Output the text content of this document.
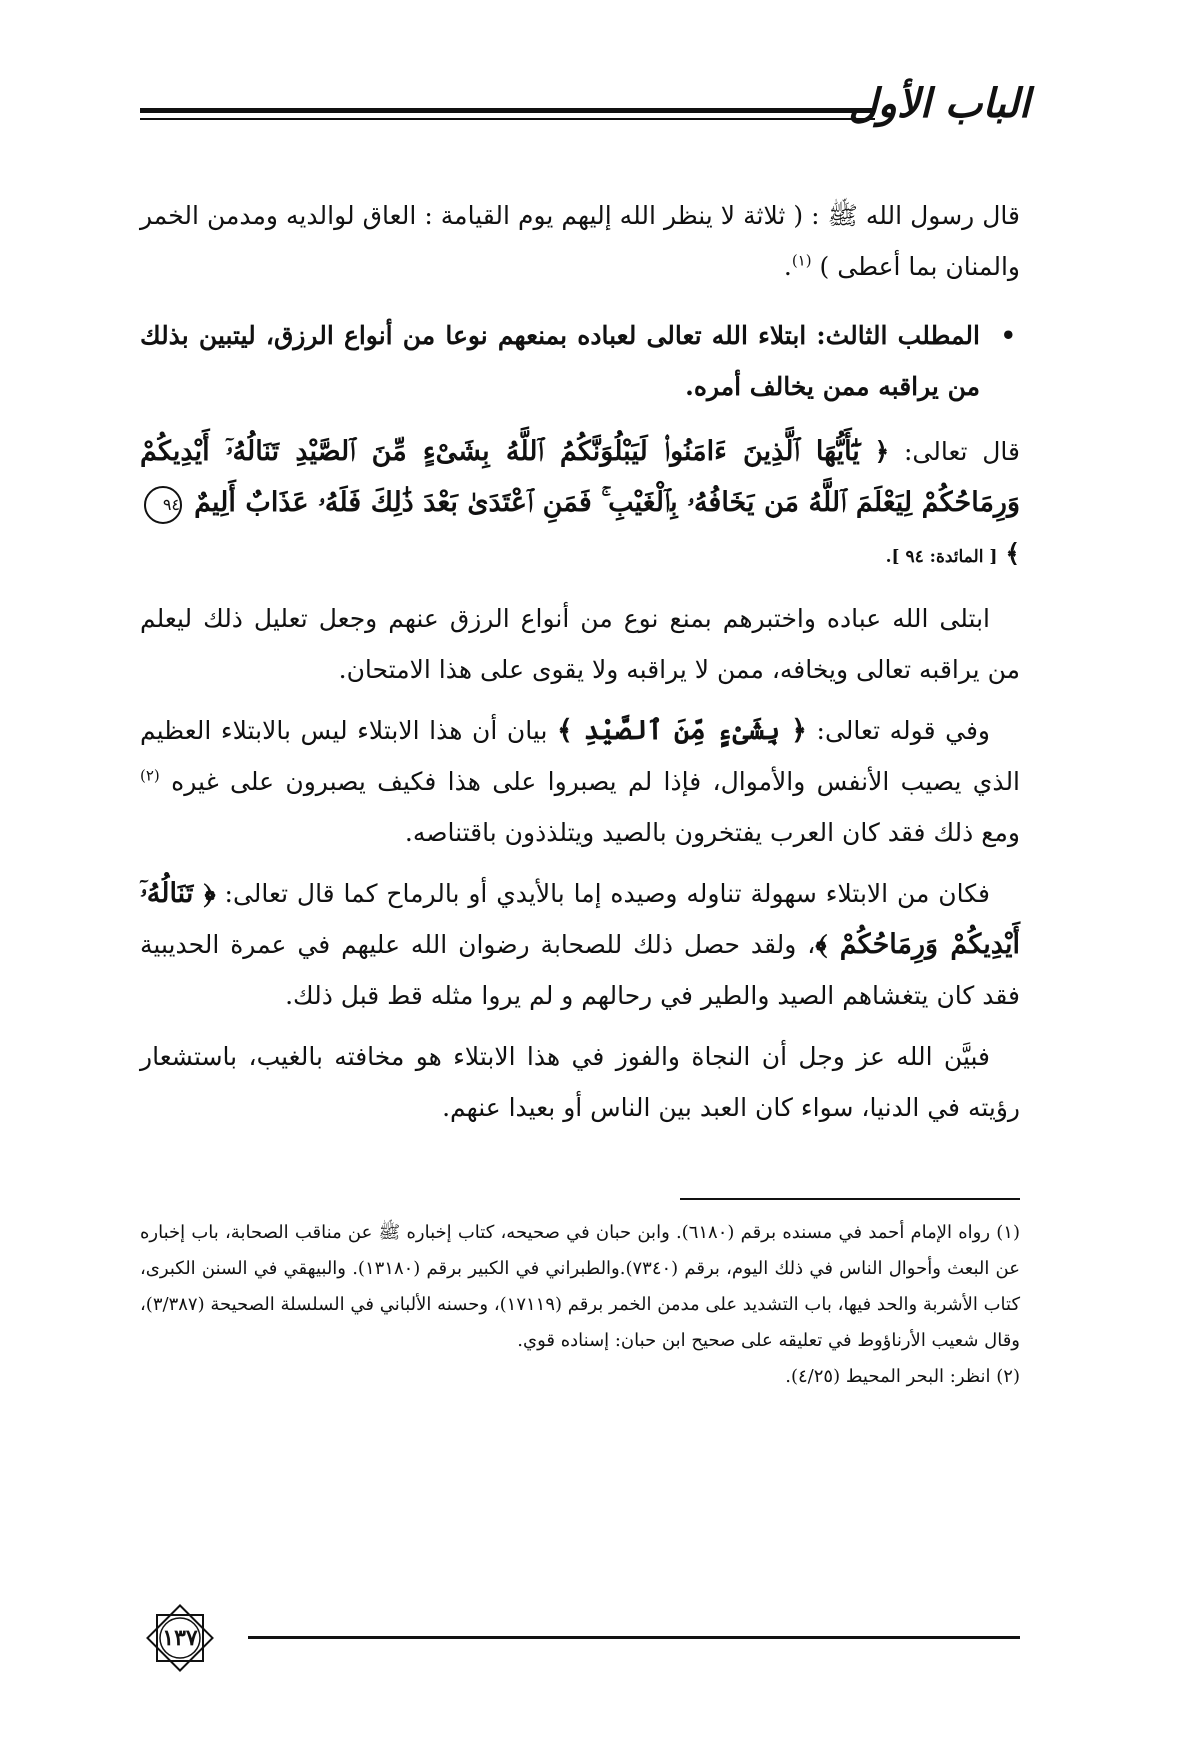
الباب الأول

قال رسول الله ﷺ : ( ثلاثة لا ينظر الله إليهم يوم القيامة : العاق لوالديه ومدمن الخمر والمنان بما أعطى ) $^{(١)}$.

•
المطلب الثالث: ابتلاء الله تعالى لعباده بمنعهم نوعا من أنواع الرزق، ليتبين بذلك من يراقبه ممن يخالف أمره.

قال تعالى: ﴿ يَٰٓأَيُّهَا ٱلَّذِينَ ءَامَنُوا۟ لَيَبْلُوَنَّكُمُ ٱللَّهُ بِشَىْءٍ مِّنَ ٱلصَّيْدِ تَنَالُهُۥٓ أَيْدِيكُمْ وَرِمَاحُكُمْ لِيَعْلَمَ ٱللَّهُ مَن يَخَافُهُۥ بِٱلْغَيْبِ ۚ فَمَنِ ٱعْتَدَىٰ بَعْدَ ذَٰلِكَ فَلَهُۥ عَذَابٌ أَلِيمٌ ٩٤ ﴾ [ المائدة: ٩٤ ].

ابتلى الله عباده واختبرهم بمنع نوع من أنواع الرزق عنهم وجعل تعليل ذلك ليعلم من يراقبه تعالى ويخافه، ممن لا يراقبه ولا يقوى على هذا الامتحان.

وفي قوله تعالى: ﴿ بِشَىْءٍ مِّنَ ٱلصَّيْدِ ﴾ بيان أن هذا الابتلاء ليس بالابتلاء العظيم الذي يصيب الأنفس والأموال، فإذا لم يصبروا على هذا فكيف يصبرون على غيره $^{(٢)}$ ومع ذلك فقد كان العرب يفتخرون بالصيد ويتلذذون باقتناصه.

فكان من الابتلاء سهولة تناوله وصيده إما بالأيدي أو بالرماح كما قال تعالى: ﴿ تَنَالُهُۥٓ أَيْدِيكُمْ وَرِمَاحُكُمْ ﴾، ولقد حصل ذلك للصحابة رضوان الله عليهم في عمرة الحديبية فقد كان يتغشاهم الصيد والطير في رحالهم و لم يروا مثله قط قبل ذلك.

فبيَّن الله عز وجل أن النجاة والفوز في هذا الابتلاء هو مخافته بالغيب، باستشعار رؤيته في الدنيا، سواء كان العبد بين الناس أو بعيدا عنهم.

(١) رواه الإمام أحمد في مسنده برقم (٦١٨٠). وابن حبان في صحيحه، كتاب إخباره ﷺ عن مناقب الصحابة، باب إخباره عن البعث وأحوال الناس في ذلك اليوم، برقم (٧٣٤٠).والطبراني في الكبير برقم (١٣١٨٠). والبيهقي في السنن الكبرى، كتاب الأشربة والحد فيها، باب التشديد على مدمن الخمر برقم (١٧١١٩)، وحسنه الألباني في السلسلة الصحيحة (٣/٣٨٧)، وقال شعيب الأرناؤوط في تعليقه على صحيح ابن حبان: إسناده قوي.

(٢) انظر: البحر المحيط (٤/٢٥).

١٣٧
